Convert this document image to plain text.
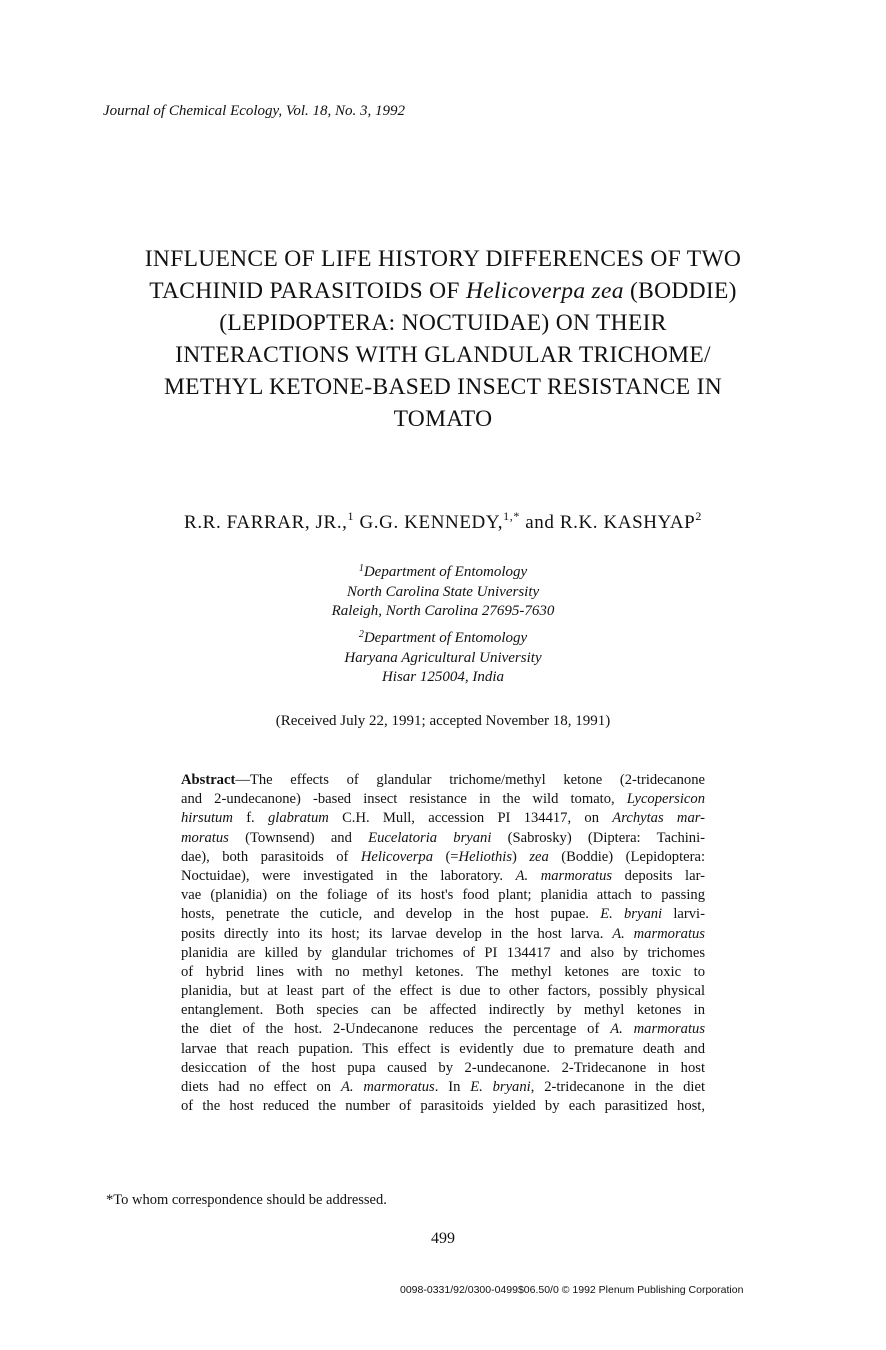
Journal of Chemical Ecology, Vol. 18, No. 3, 1992
INFLUENCE OF LIFE HISTORY DIFFERENCES OF TWO
TACHINID PARASITOIDS OF Helicoverpa zea (BODDIE)
(LEPIDOPTERA: NOCTUIDAE) ON THEIR
INTERACTIONS WITH GLANDULAR TRICHOME/
METHYL KETONE-BASED INSECT RESISTANCE IN
TOMATO
R.R. FARRAR, JR.,$^1$ G.G. KENNEDY,$^{1,*}$ and R.K. KASHYAP$^2$
$^1$Department of Entomology
North Carolina State University
Raleigh, North Carolina 27695-7630
$^2$Department of Entomology
Haryana Agricultural University
Hisar 125004, India
(Received July 22, 1991; accepted November 18, 1991)
Abstract—The effects of glandular trichome/methyl ketone (2-tridecanone
and 2-undecanone) -based insect resistance in the wild tomato, Lycopersicon
hirsutum f. glabratum C.H. Mull, accession PI 134417, on Archytas mar-
moratus (Townsend) and Eucelatoria bryani (Sabrosky) (Diptera: Tachini-
dae), both parasitoids of Helicoverpa (=Heliothis) zea (Boddie) (Lepidoptera:
Noctuidae), were investigated in the laboratory. A. marmoratus deposits lar-
vae (planidia) on the foliage of its host's food plant; planidia attach to passing
hosts, penetrate the cuticle, and develop in the host pupae. E. bryani larvi-
posits directly into its host; its larvae develop in the host larva. A. marmoratus
planidia are killed by glandular trichomes of PI 134417 and also by trichomes
of hybrid lines with no methyl ketones. The methyl ketones are toxic to
planidia, but at least part of the effect is due to other factors, possibly physical
entanglement. Both species can be affected indirectly by methyl ketones in
the diet of the host. 2-Undecanone reduces the percentage of A. marmoratus
larvae that reach pupation. This effect is evidently due to premature death and
desiccation of the host pupa caused by 2-undecanone. 2-Tridecanone in host
diets had no effect on A. marmoratus. In E. bryani, 2-tridecanone in the diet
of the host reduced the number of parasitoids yielded by each parasitized host,
*To whom correspondence should be addressed.
499
0098-0331/92/0300-0499$06.50/0 © 1992 Plenum Publishing Corporation
